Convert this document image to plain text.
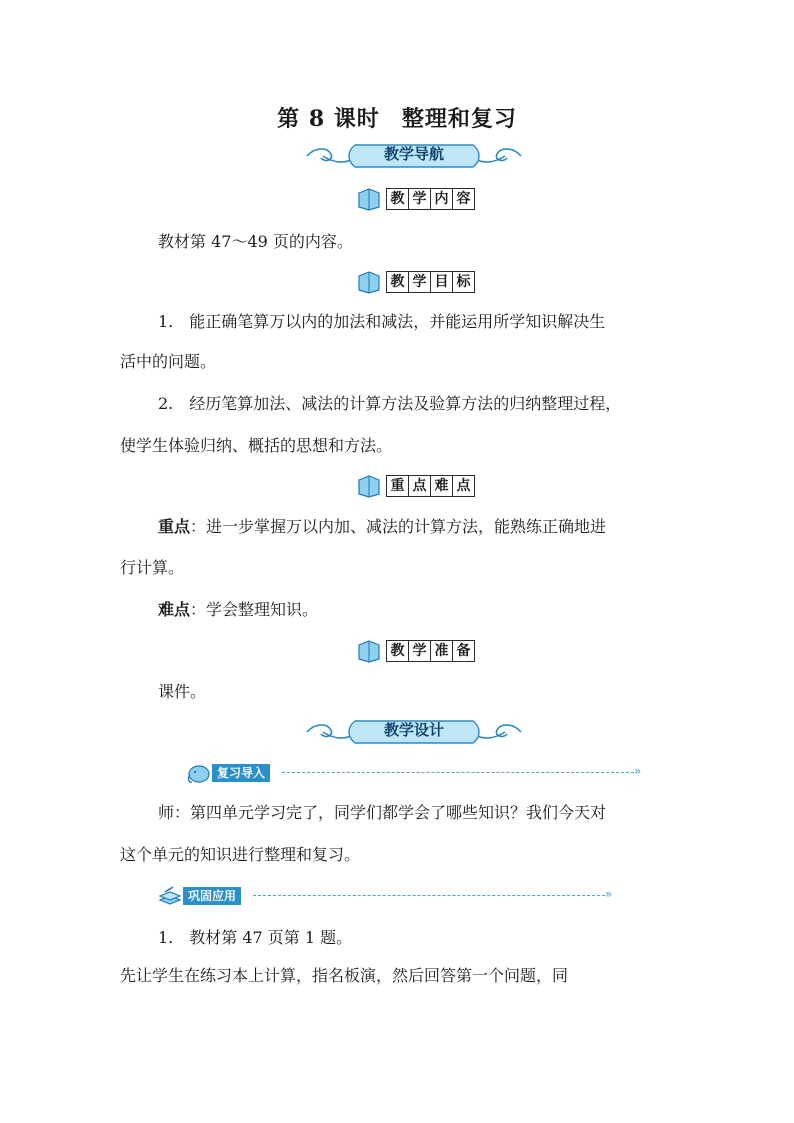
第 8 课时 整理和复习
教学导航
教 学 内 容
教材第 47～49 页的内容。
教 学 目 标
1.　能正确笔算万以内的加法和减法，并能运用所学知识解决生
活中的问题。
2.　经历笔算加法、减法的计算方法及验算方法的归纳整理过程，
使学生体验归纳、概括的思想和方法。
重 点 难 点
重点：进一步掌握万以内加、减法的计算方法，能熟练正确地进
行计算。
难点：学会整理知识。
教 学 准 备
课件。
教学设计
复习导入	»
师：第四单元学习完了，同学们都学会了哪些知识？我们今天对
这个单元的知识进行整理和复习。
巩固应用	»
1.　教材第 47 页第 1 题。
先让学生在练习本上计算，指名板演，然后回答第一个问题，同
